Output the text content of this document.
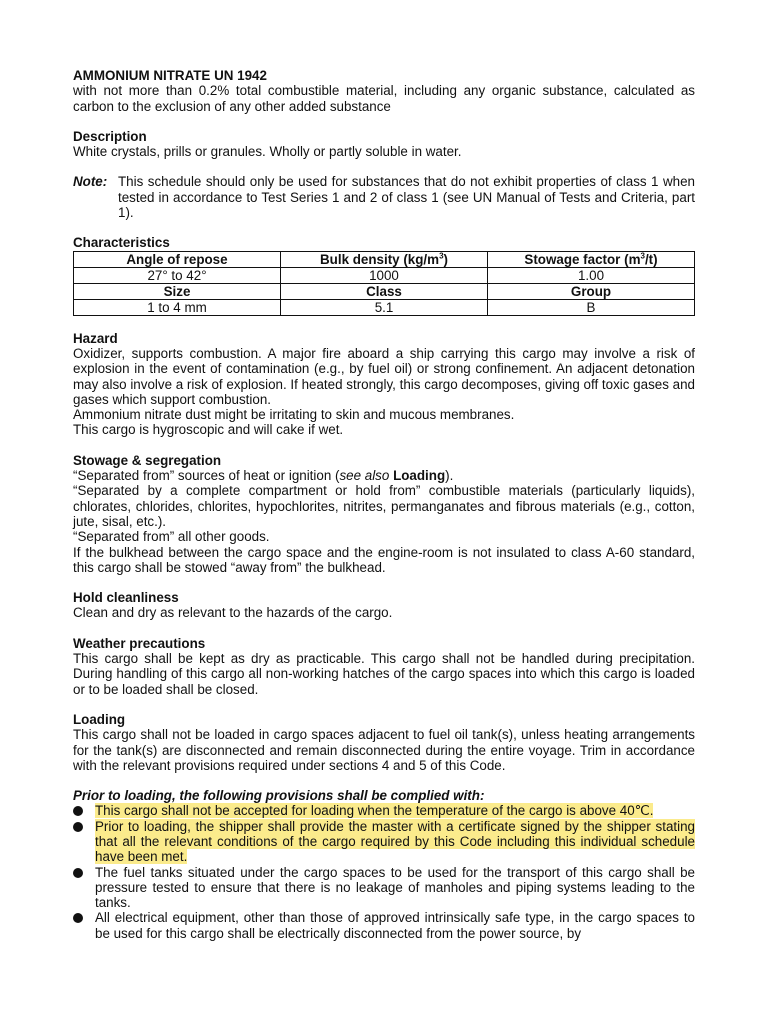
AMMONIUM NITRATE UN 1942
with not more than 0.2% total combustible material, including any organic substance, calculated as carbon to the exclusion of any other added substance
Description
White crystals, prills or granules. Wholly or partly soluble in water.
Note: This schedule should only be used for substances that do not exhibit properties of class 1 when tested in accordance to Test Series 1 and 2 of class 1 (see UN Manual of Tests and Criteria, part 1).
Characteristics
Angle of repose	Bulk density $(kg/m^3)$	Stowage factor $(m^3/t)$
27° to 42°	1000	1.00
Size	Class	Group
1 to 4 mm	5.1	B
Hazard
Oxidizer, supports combustion. A major fire aboard a ship carrying this cargo may involve a risk of explosion in the event of contamination (e.g., by fuel oil) or strong confinement. An adjacent detonation may also involve a risk of explosion. If heated strongly, this cargo decomposes, giving off toxic gases and gases which support combustion.
Ammonium nitrate dust might be irritating to skin and mucous membranes.
This cargo is hygroscopic and will cake if wet.
Stowage & segregation
“Separated from” sources of heat or ignition (see also Loading).
“Separated by a complete compartment or hold from” combustible materials (particularly liquids), chlorates, chlorides, chlorites, hypochlorites, nitrites, permanganates and fibrous materials (e.g., cotton, jute, sisal, etc.).
“Separated from” all other goods.
If the bulkhead between the cargo space and the engine-room is not insulated to class A-60 standard, this cargo shall be stowed “away from” the bulkhead.
Hold cleanliness
Clean and dry as relevant to the hazards of the cargo.
Weather precautions
This cargo shall be kept as dry as practicable. This cargo shall not be handled during precipitation. During handling of this cargo all non-working hatches of the cargo spaces into which this cargo is loaded or to be loaded shall be closed.
Loading
This cargo shall not be loaded in cargo spaces adjacent to fuel oil tank(s), unless heating arrangements for the tank(s) are disconnected and remain disconnected during the entire voyage. Trim in accordance with the relevant provisions required under sections 4 and 5 of this Code.
Prior to loading, the following provisions shall be complied with:
This cargo shall not be accepted for loading when the temperature of the cargo is above 40℃.
Prior to loading, the shipper shall provide the master with a certificate signed by the shipper stating that all the relevant conditions of the cargo required by this Code including this individual schedule have been met.
The fuel tanks situated under the cargo spaces to be used for the transport of this cargo shall be pressure tested to ensure that there is no leakage of manholes and piping systems leading to the tanks.
All electrical equipment, other than those of approved intrinsically safe type, in the cargo spaces to be used for this cargo shall be electrically disconnected from the power source, by
